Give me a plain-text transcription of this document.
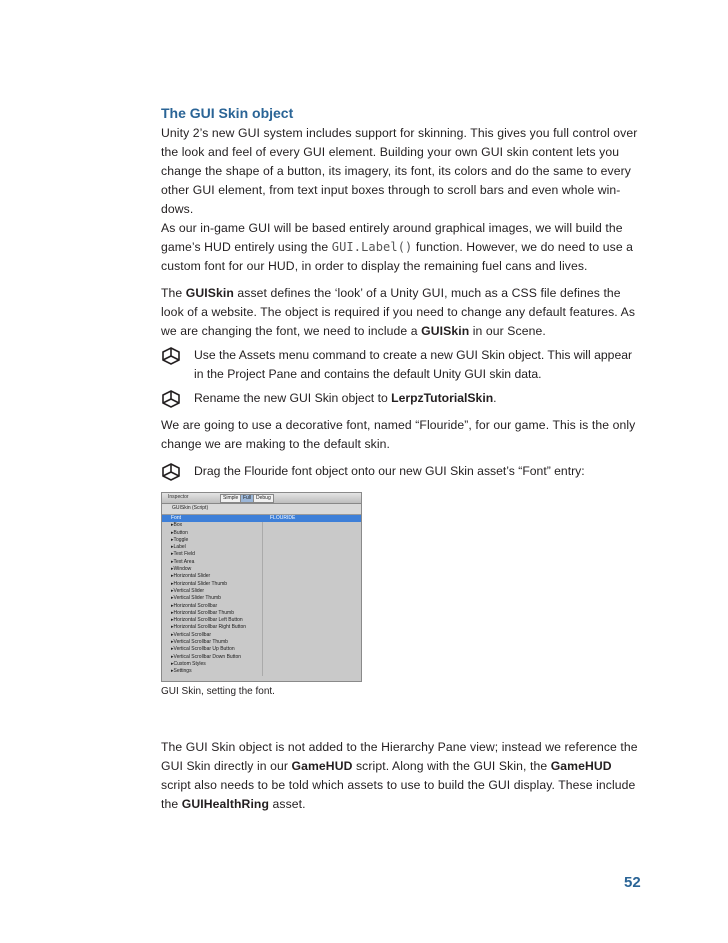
The GUI Skin object
Unity 2’s new GUI system includes support for skinning. This gives you full control over the look and feel of every GUI element. Building your own GUI skin content lets you change the shape of a button, its imagery, its font, its colors and do the same to every other GUI element, from text input boxes through to scroll bars and even whole win-dows.
As our in-game GUI will be based entirely around graphical images, we will build the game’s HUD entirely using the GUI.Label() function. However, we do need to use a custom font for our HUD, in order to display the remaining fuel cans and lives.
The GUISkin asset defines the ‘look’ of a Unity GUI, much as a CSS file defines the look of a website. The object is required if you need to change any default features. As we are changing the font, we need to include a GUISkin in our Scene.
Use the Assets menu command to create a new GUI Skin object. This will appear in the Project Pane and contains the default Unity GUI skin data.
Rename the new GUI Skin object to LerpzTutorialSkin.
We are going to use a decorative font, named “Flouride”, for our game. This is the only change we are making to the default skin.
Drag the Flouride font object onto our new GUI Skin asset’s “Font” entry:
Inspector	Simple Full Debug
GUISkin (Script)
Font	FLOURIDE
▸Box
▸Button
▸Toggle
▸Label
▸Text Field
▸Text Area
▸Window
▸Horizontal Slider
▸Horizontal Slider Thumb
▸Vertical Slider
▸Vertical Slider Thumb
▸Horizontal Scrollbar
▸Horizontal Scrollbar Thumb
▸Horizontal Scrollbar Left Button
▸Horizontal Scrollbar Right Button
▸Vertical Scrollbar
▸Vertical Scrollbar Thumb
▸Vertical Scrollbar Up Button
▸Vertical Scrollbar Down Button
▸Custom Styles
▸Settings
GUI Skin, setting the font.
The GUI Skin object is not added to the Hierarchy Pane view; instead we reference the GUI Skin directly in our GameHUD script. Along with the GUI Skin, the GameHUD script also needs to be told which assets to use to build the GUI display. These include the GUIHealthRing asset.
52
